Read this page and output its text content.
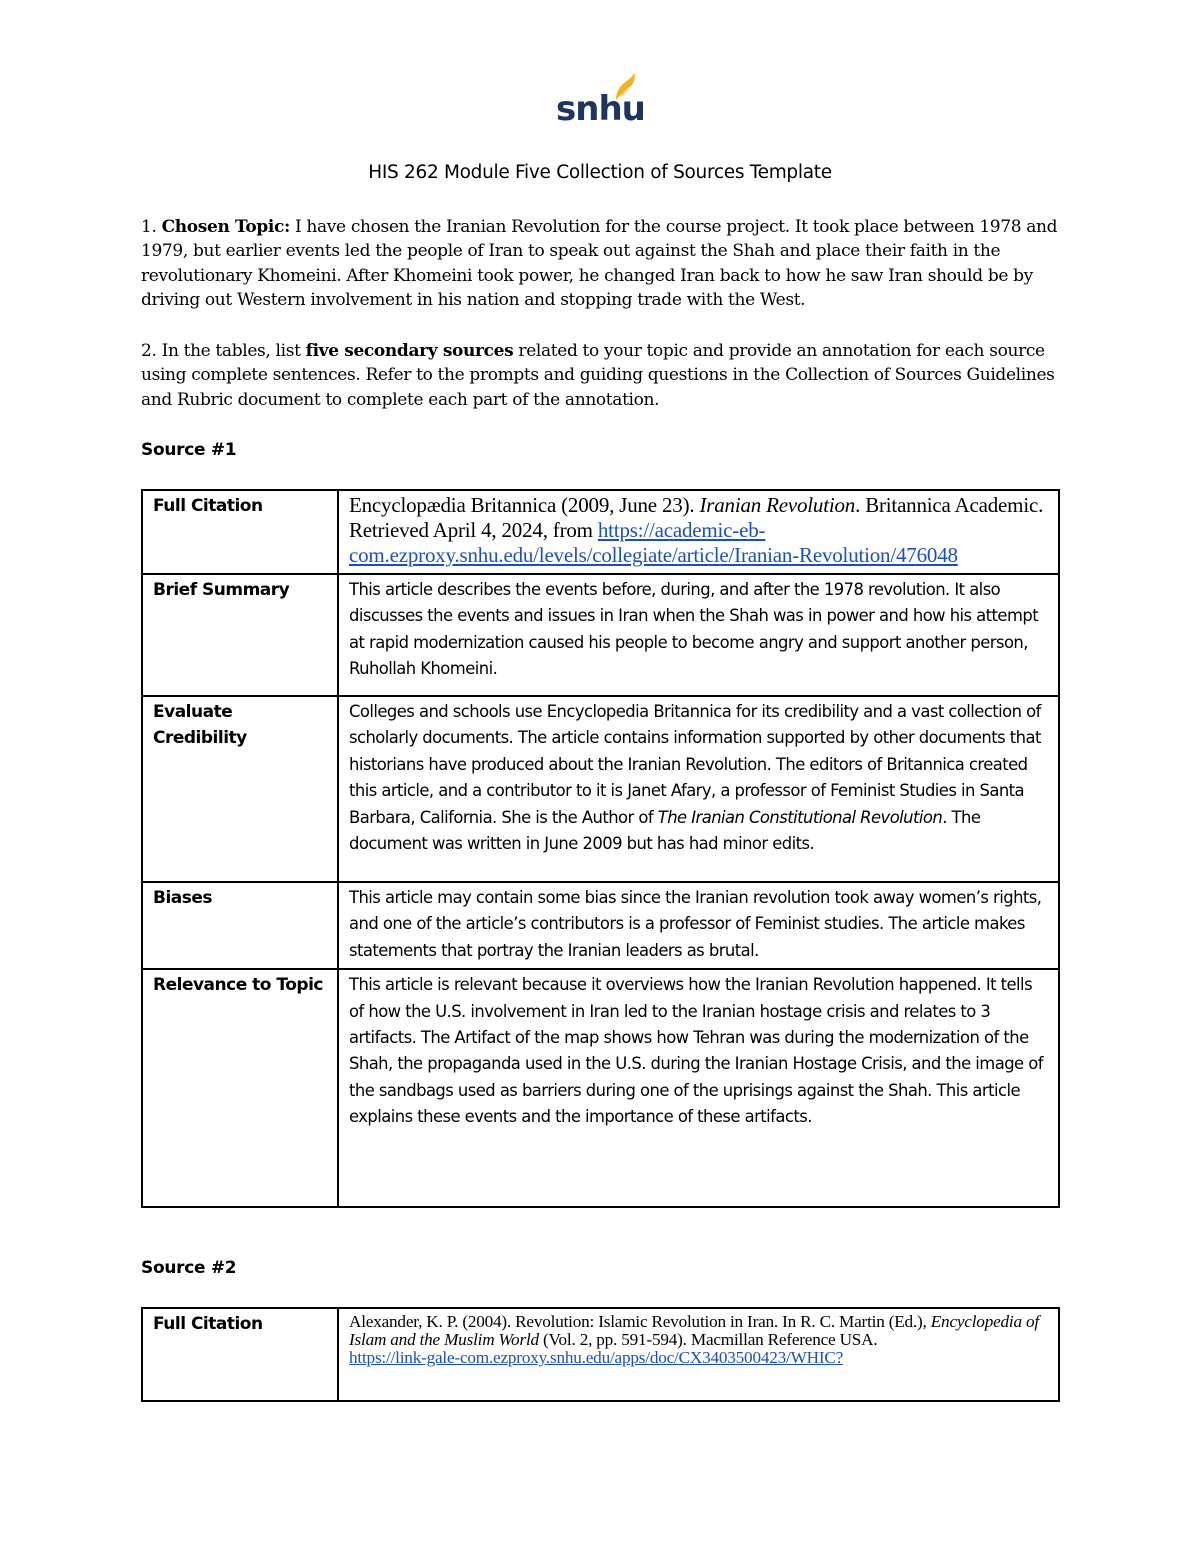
snhu
HIS 262 Module Five Collection of Sources Template
1. Chosen Topic: I have chosen the Iranian Revolution for the course project. It took place between 1978 and 1979, but earlier events led the people of Iran to speak out against the Shah and place their faith in the revolutionary Khomeini. After Khomeini took power, he changed Iran back to how he saw Iran should be by driving out Western involvement in his nation and stopping trade with the West.
2. In the tables, list five secondary sources related to your topic and provide an annotation for each source using complete sentences. Refer to the prompts and guiding questions in the Collection of Sources Guidelines and Rubric document to complete each part of the annotation.
Source #1
Full Citation	Encyclopædia Britannica (2009, June 23). Iranian Revolution. Britannica Academic. Retrieved April 4, 2024, from https://academic-eb-com.ezproxy.snhu.edu/levels/collegiate/article/Iranian-Revolution/476048
Brief Summary	This article describes the events before, during, and after the 1978 revolution. It also discusses the events and issues in Iran when the Shah was in power and how his attempt at rapid modernization caused his people to become angry and support another person, Ruhollah Khomeini.
Evaluate Credibility	Colleges and schools use Encyclopedia Britannica for its credibility and a vast collection of scholarly documents. The article contains information supported by other documents that historians have produced about the Iranian Revolution. The editors of Britannica created this article, and a contributor to it is Janet Afary, a professor of Feminist Studies in Santa Barbara, California. She is the Author of The Iranian Constitutional Revolution. The document was written in June 2009 but has had minor edits.
Biases	This article may contain some bias since the Iranian revolution took away women’s rights, and one of the article’s contributors is a professor of Feminist studies. The article makes statements that portray the Iranian leaders as brutal.
Relevance to Topic	This article is relevant because it overviews how the Iranian Revolution happened. It tells of how the U.S. involvement in Iran led to the Iranian hostage crisis and relates to 3 artifacts. The Artifact of the map shows how Tehran was during the modernization of the Shah, the propaganda used in the U.S. during the Iranian Hostage Crisis, and the image of the sandbags used as barriers during one of the uprisings against the Shah. This article explains these events and the importance of these artifacts.
Source #2
Full Citation	Alexander, K. P. (2004). Revolution: Islamic Revolution in Iran. In R. C. Martin (Ed.), Encyclopedia of Islam and the Muslim World (Vol. 2, pp. 591-594). Macmillan Reference USA.
https://link-gale-com.ezproxy.snhu.edu/apps/doc/CX3403500423/WHIC?
